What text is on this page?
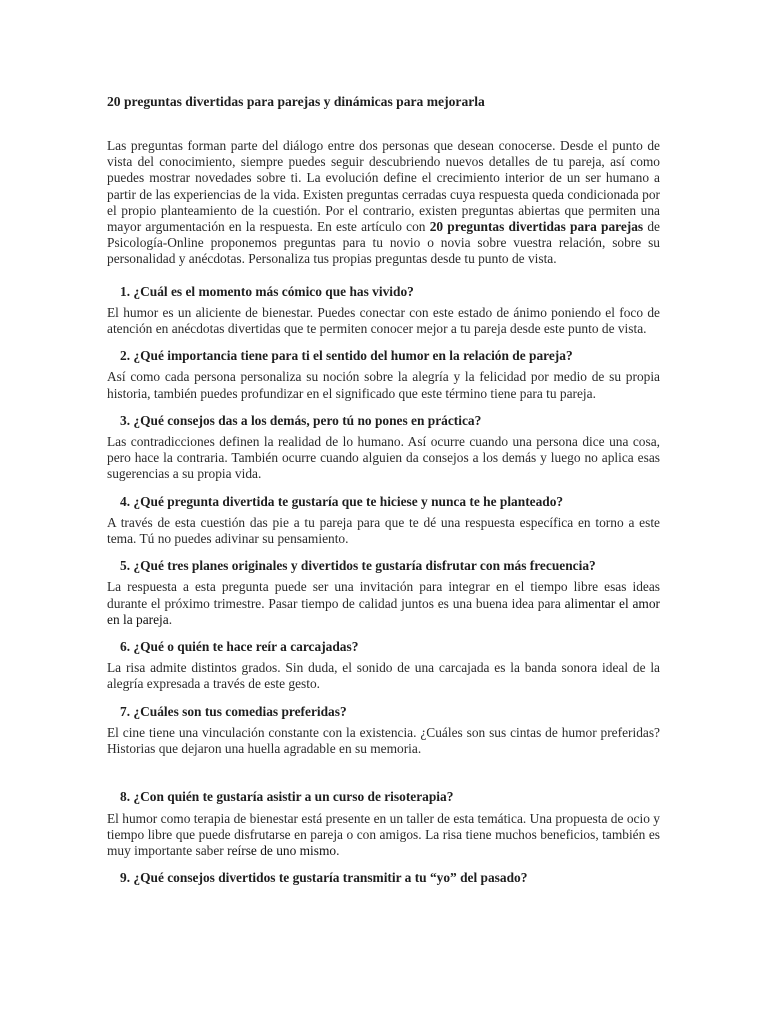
20 preguntas divertidas para parejas y dinámicas para mejorarla

Las preguntas forman parte del diálogo entre dos personas que desean conocerse. Desde el punto de vista del conocimiento, siempre puedes seguir descubriendo nuevos detalles de tu pareja, así como puedes mostrar novedades sobre ti. La evolución define el crecimiento interior de un ser humano a partir de las experiencias de la vida. Existen preguntas cerradas cuya respuesta queda condicionada por el propio planteamiento de la cuestión. Por el contrario, existen preguntas abiertas que permiten una mayor argumentación en la respuesta. En este artículo con 20 preguntas divertidas para parejas de Psicología-Online proponemos preguntas para tu novio o novia sobre vuestra relación, sobre su personalidad y anécdotas. Personaliza tus propias preguntas desde tu punto de vista.

1. ¿Cuál es el momento más cómico que has vivido?

El humor es un aliciente de bienestar. Puedes conectar con este estado de ánimo poniendo el foco de atención en anécdotas divertidas que te permiten conocer mejor a tu pareja desde este punto de vista.

2. ¿Qué importancia tiene para ti el sentido del humor en la relación de pareja?

Así como cada persona personaliza su noción sobre la alegría y la felicidad por medio de su propia historia, también puedes profundizar en el significado que este término tiene para tu pareja.

3. ¿Qué consejos das a los demás, pero tú no pones en práctica?

Las contradicciones definen la realidad de lo humano. Así ocurre cuando una persona dice una cosa, pero hace la contraria. También ocurre cuando alguien da consejos a los demás y luego no aplica esas sugerencias a su propia vida.

4. ¿Qué pregunta divertida te gustaría que te hiciese y nunca te he planteado?

A través de esta cuestión das pie a tu pareja para que te dé una respuesta específica en torno a este tema. Tú no puedes adivinar su pensamiento.

5. ¿Qué tres planes originales y divertidos te gustaría disfrutar con más frecuencia?

La respuesta a esta pregunta puede ser una invitación para integrar en el tiempo libre esas ideas durante el próximo trimestre. Pasar tiempo de calidad juntos es una buena idea para alimentar el amor en la pareja.

6. ¿Qué o quién te hace reír a carcajadas?

La risa admite distintos grados. Sin duda, el sonido de una carcajada es la banda sonora ideal de la alegría expresada a través de este gesto.

7. ¿Cuáles son tus comedias preferidas?

El cine tiene una vinculación constante con la existencia. ¿Cuáles son sus cintas de humor preferidas? Historias que dejaron una huella agradable en su memoria.

8. ¿Con quién te gustaría asistir a un curso de risoterapia?

El humor como terapia de bienestar está presente en un taller de esta temática. Una propuesta de ocio y tiempo libre que puede disfrutarse en pareja o con amigos. La risa tiene muchos beneficios, también es muy importante saber reírse de uno mismo.

9. ¿Qué consejos divertidos te gustaría transmitir a tu “yo” del pasado?
